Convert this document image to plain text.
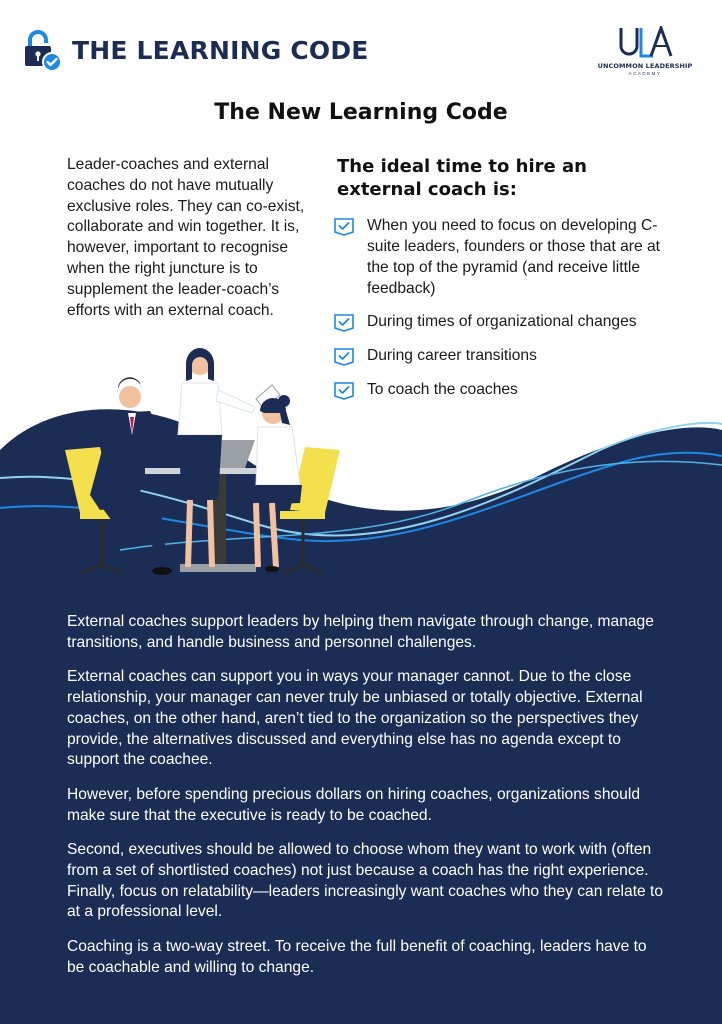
THE LEARNING CODE
UNCOMMON LEADERSHIP
ACADEMY
The New Learning Code

Leader-coaches and external coaches do not have mutually exclusive roles. They can co-exist, collaborate and win together. It is, however, important to recognise when the right juncture is to supplement the leader-coach’s efforts with an external coach.

The ideal time to hire an external coach is:
When you need to focus on developing C-suite leaders, founders or those that are at the top of the pyramid (and receive little feedback)
During times of organizational changes
During career transitions
To coach the coaches

External coaches support leaders by helping them navigate through change, manage transitions, and handle business and personnel challenges.

External coaches can support you in ways your manager cannot. Due to the close relationship, your manager can never truly be unbiased or totally objective. External coaches, on the other hand, aren’t tied to the organization so the perspectives they provide, the alternatives discussed and everything else has no agenda except to support the coachee.

However, before spending precious dollars on hiring coaches, organizations should make sure that the executive is ready to be coached.

Second, executives should be allowed to choose whom they want to work with (often from a set of shortlisted coaches) not just because a coach has the right experience. Finally, focus on relatability—leaders increasingly want coaches who they can relate to at a professional level.

Coaching is a two-way street. To receive the full benefit of coaching, leaders have to be coachable and willing to change.
